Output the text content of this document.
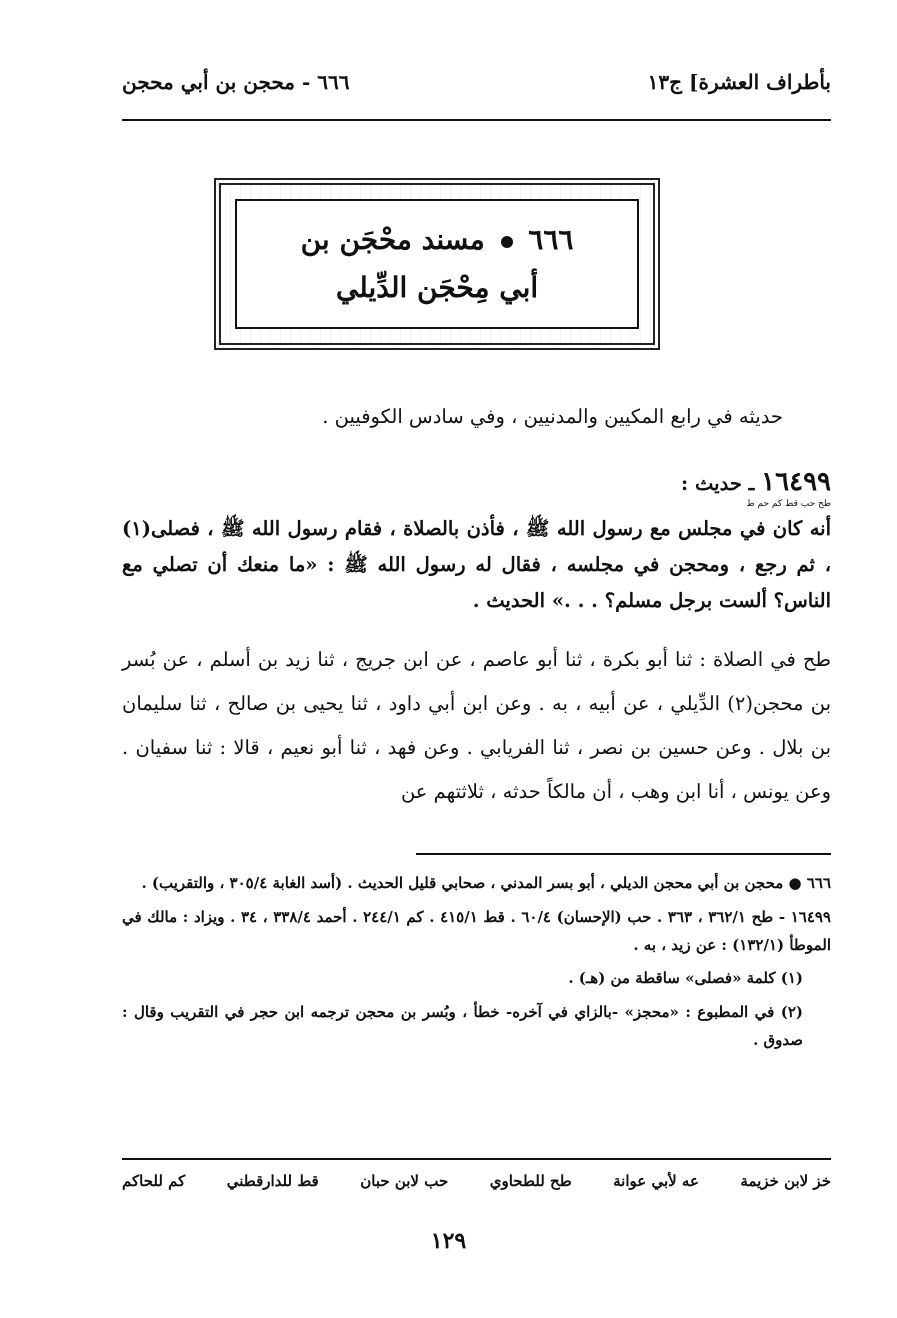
بأطراف العشرة] ج١٣
٦٦٦ - محجن بن أبي محجن
٦٦٦  مسند محْجَن بن
أبي مِحْجَن الدِّيلي
حديثه في رابع المكيين والمدنيين ، وفي سادس الكوفيين .
١٦٤٩٩ ـ حديث :
طح حب قط كم حم ط
أنه كان في مجلس مع رسول الله ﷺ ، فأذن بالصلاة ، فقام رسول الله ﷺ ، فصلى(١) ، ثم رجع ، ومحجن في مجلسه ، فقال له رسول الله ﷺ : «ما منعك أن تصلي مع الناس؟ ألست برجل مسلم؟ . . .» الحديث .
طح في الصلاة : ثنا أبو بكرة ، ثنا أبو عاصم ، عن ابن جريج ، ثنا زيد بن أسلم ، عن بُسر بن محجن(٢) الدِّيلي ، عن أبيه ، به . وعن ابن أبي داود ، ثنا يحيى بن صالح ، ثنا سليمان بن بلال . وعن حسين بن نصر ، ثنا الفريابي . وعن فهد ، ثنا أبو نعيم ، قالا : ثنا سفيان . وعن يونس ، أنا ابن وهب ، أن مالكاً حدثه ، ثلاثتهم عن

٦٦٦ ● محجن بن أبي محجن الديلي ، أبو بسر المدني ، صحابي قليل الحديث . (أسد الغابة ٣٠٥/٤ ، والتقريب) .

١٦٤٩٩ - طح ٣٦٢/١ ، ٣٦٣ . حب (الإحسان) ٦٠/٤ . قط ٤١٥/١ . كم ٢٤٤/١ . أحمد ٣٣٨/٤ ، ٣٤ . ويزاد : مالك في الموطأ (١٣٢/١) : عن زيد ، به .

(١) كلمة «فصلى» ساقطة من (هـ) .

(٢) في المطبوع : «محجز» -بالزاي في آخره- خطأ ، وبُسر بن محجن ترجمه ابن حجر في التقريب وقال : صدوق .

خز لابن خزيمة
عه لأبي عوانة
طح للطحاوي
حب لابن حبان
قط للدارقطني
كم للحاكم
١٢٩
